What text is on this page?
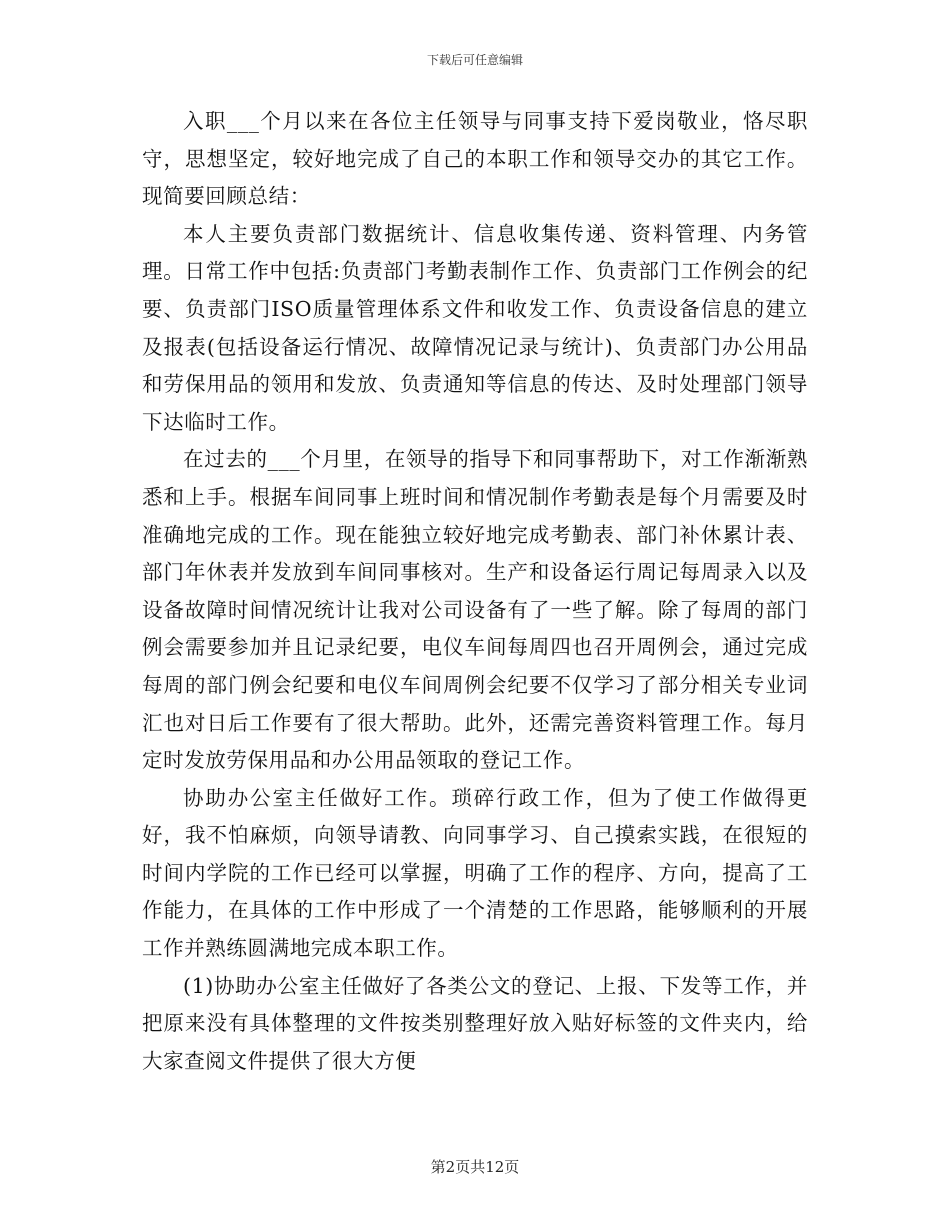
下载后可任意编辑

入职___个月以来在各位主任领导与同事支持下爱岗敬业，恪尽职守，思想坚定，较好地完成了自己的本职工作和领导交办的其它工作。现简要回顾总结：

本人主要负责部门数据统计、信息收集传递、资料管理、内务管理。日常工作中包括:负责部门考勤表制作工作、负责部门工作例会的纪要、负责部门ISO质量管理体系文件和收发工作、负责设备信息的建立及报表(包括设备运行情况、故障情况记录与统计)、负责部门办公用品和劳保用品的领用和发放、负责通知等信息的传达、及时处理部门领导下达临时工作。

在过去的___个月里，在领导的指导下和同事帮助下，对工作渐渐熟悉和上手。根据车间同事上班时间和情况制作考勤表是每个月需要及时准确地完成的工作。现在能独立较好地完成考勤表、部门补休累计表、部门年休表并发放到车间同事核对。生产和设备运行周记每周录入以及设备故障时间情况统计让我对公司设备有了一些了解。除了每周的部门例会需要参加并且记录纪要，电仪车间每周四也召开周例会，通过完成每周的部门例会纪要和电仪车间周例会纪要不仅学习了部分相关专业词汇也对日后工作要有了很大帮助。此外，还需完善资料管理工作。每月定时发放劳保用品和办公用品领取的登记工作。

协助办公室主任做好工作。琐碎行政工作，但为了使工作做得更好，我不怕麻烦，向领导请教、向同事学习、自己摸索实践，在很短的时间内学院的工作已经可以掌握，明确了工作的程序、方向，提高了工作能力，在具体的工作中形成了一个清楚的工作思路，能够顺利的开展工作并熟练圆满地完成本职工作。

(1)协助办公室主任做好了各类公文的登记、上报、下发等工作，并把原来没有具体整理的文件按类别整理好放入贴好标签的文件夹内，给大家查阅文件提供了很大方便

第2页共12页
